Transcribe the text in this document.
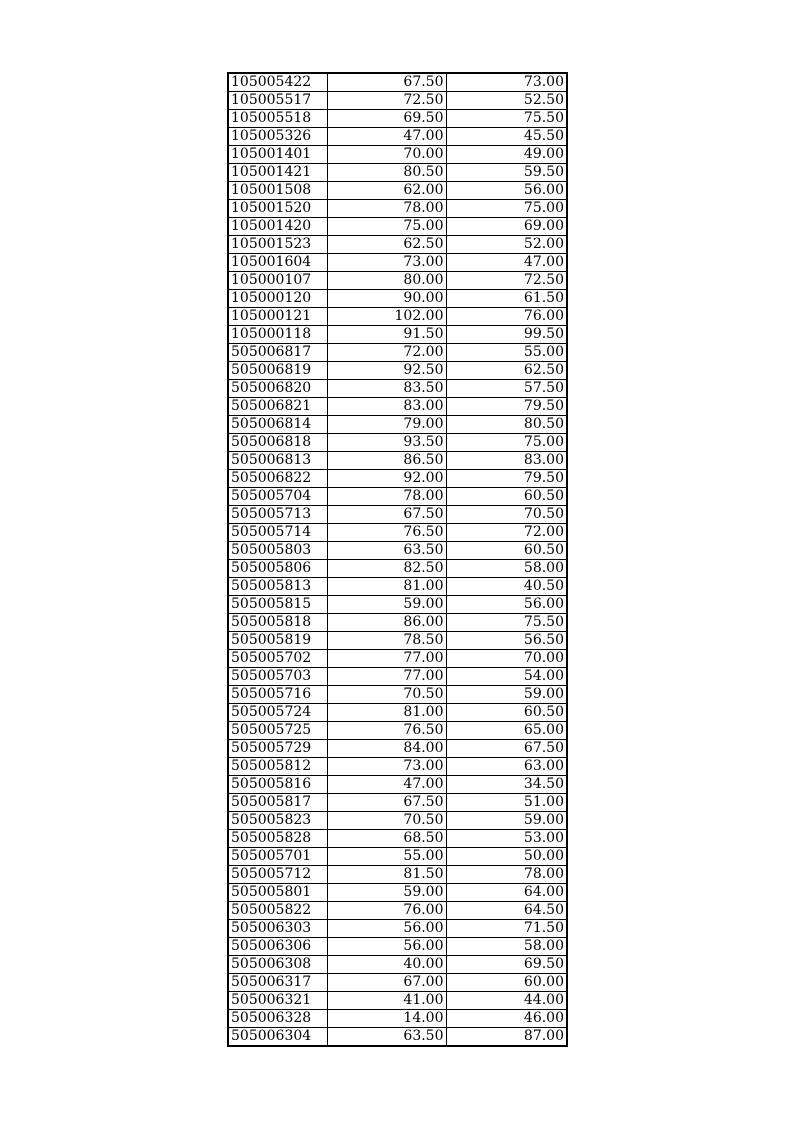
105005422	67.50	73.00
105005517	72.50	52.50
105005518	69.50	75.50
105005326	47.00	45.50
105001401	70.00	49.00
105001421	80.50	59.50
105001508	62.00	56.00
105001520	78.00	75.00
105001420	75.00	69.00
105001523	62.50	52.00
105001604	73.00	47.00
105000107	80.00	72.50
105000120	90.00	61.50
105000121	102.00	76.00
105000118	91.50	99.50
505006817	72.00	55.00
505006819	92.50	62.50
505006820	83.50	57.50
505006821	83.00	79.50
505006814	79.00	80.50
505006818	93.50	75.00
505006813	86.50	83.00
505006822	92.00	79.50
505005704	78.00	60.50
505005713	67.50	70.50
505005714	76.50	72.00
505005803	63.50	60.50
505005806	82.50	58.00
505005813	81.00	40.50
505005815	59.00	56.00
505005818	86.00	75.50
505005819	78.50	56.50
505005702	77.00	70.00
505005703	77.00	54.00
505005716	70.50	59.00
505005724	81.00	60.50
505005725	76.50	65.00
505005729	84.00	67.50
505005812	73.00	63.00
505005816	47.00	34.50
505005817	67.50	51.00
505005823	70.50	59.00
505005828	68.50	53.00
505005701	55.00	50.00
505005712	81.50	78.00
505005801	59.00	64.00
505005822	76.00	64.50
505006303	56.00	71.50
505006306	56.00	58.00
505006308	40.00	69.50
505006317	67.00	60.00
505006321	41.00	44.00
505006328	14.00	46.00
505006304	63.50	87.00
